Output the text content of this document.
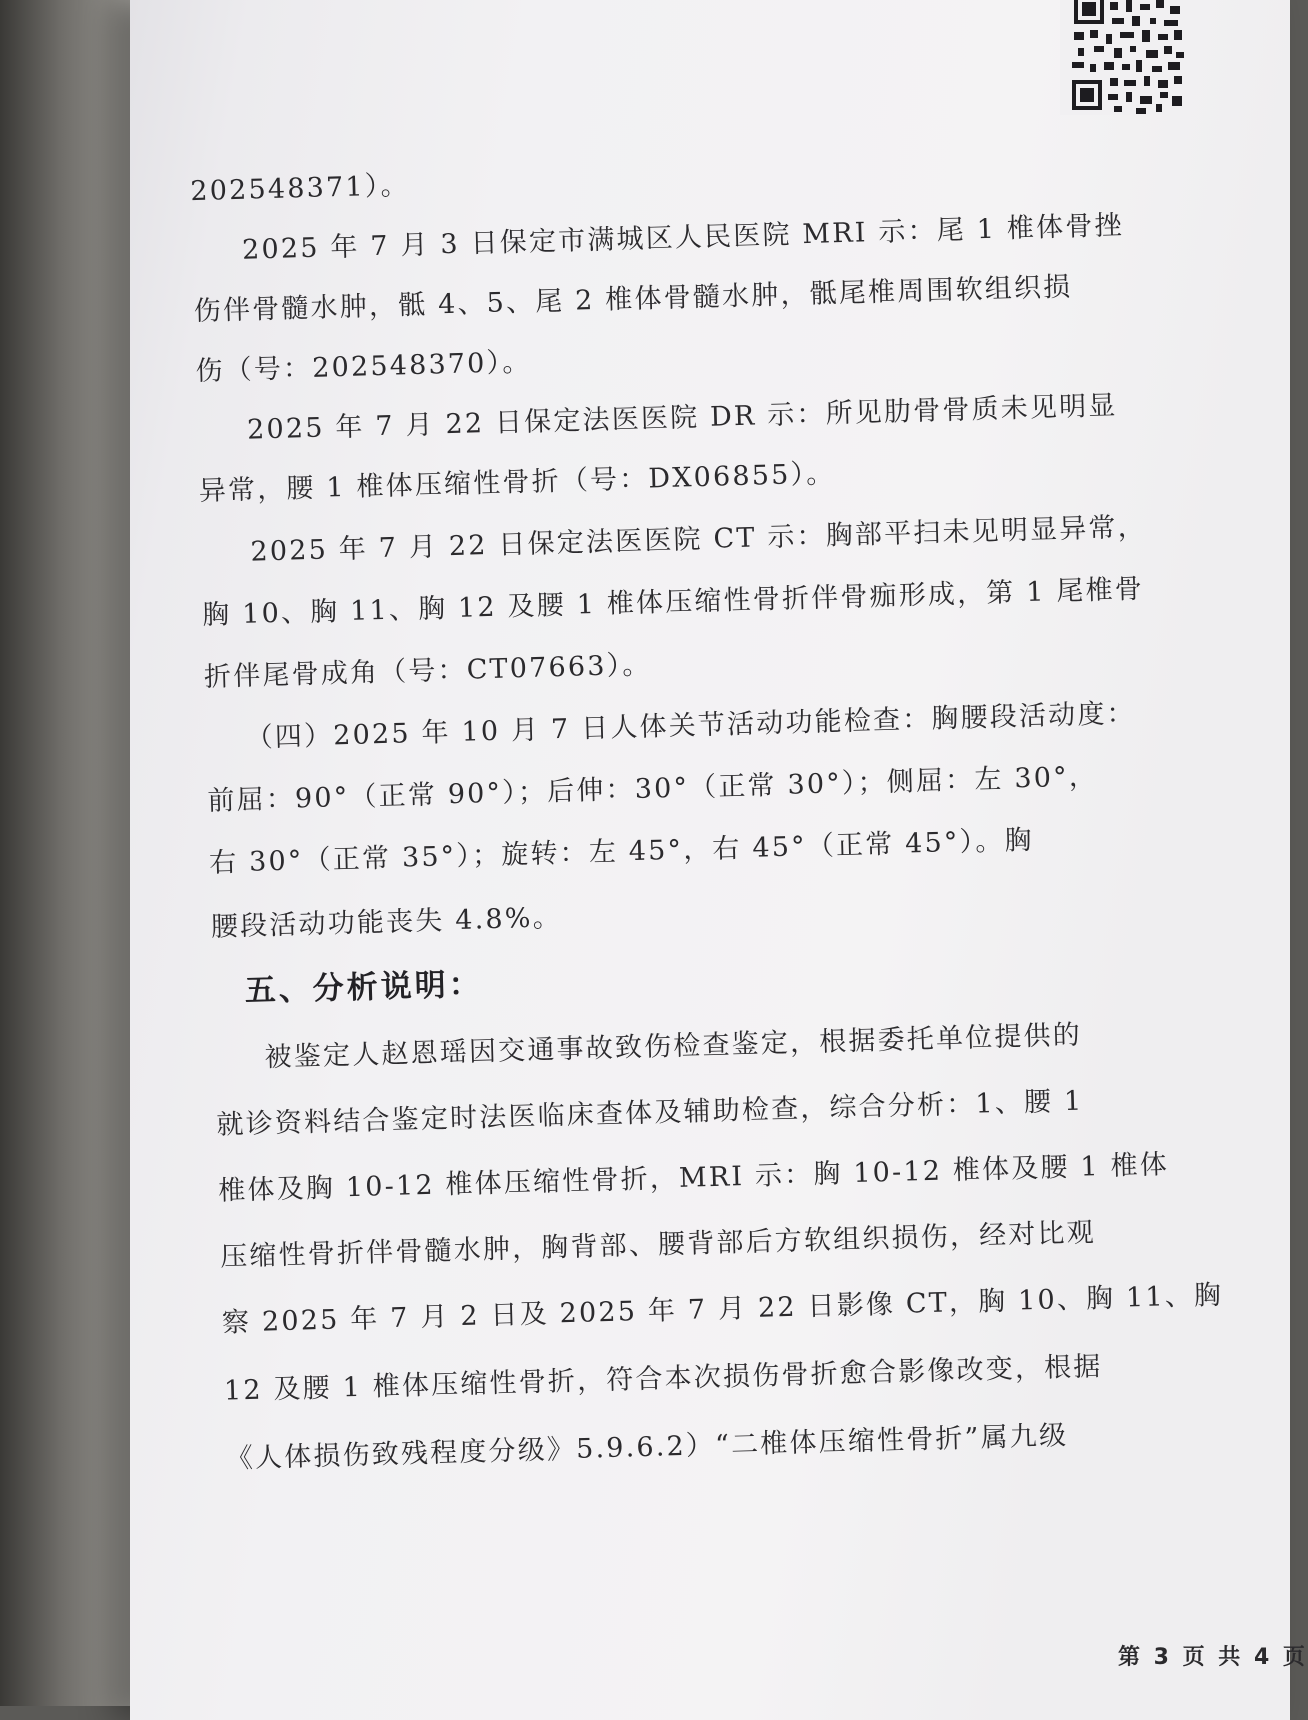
第 3 页 共 4 页
202548371）。
2025 年 7 月 3 日保定市满城区人民医院 MRI 示：尾 1 椎体骨挫
伤伴骨髓水肿，骶 4、5、尾 2 椎体骨髓水肿，骶尾椎周围软组织损
伤（号：202548370）。
2025 年 7 月 22 日保定法医医院 DR 示：所见肋骨骨质未见明显
异常，腰 1 椎体压缩性骨折（号：DX06855）。
2025 年 7 月 22 日保定法医医院 CT 示：胸部平扫未见明显异常，
胸 10、胸 11、胸 12 及腰 1 椎体压缩性骨折伴骨痂形成，第 1 尾椎骨
折伴尾骨成角（号：CT07663）。
（四）2025 年 10 月 7 日人体关节活动功能检查：胸腰段活动度：
前屈：90°（正常 90°）；后伸：30°（正常 30°）；侧屈：左 30°，
右 30°（正常 35°）；旋转：左 45°，右 45°（正常 45°）。胸
腰段活动功能丧失 4.8%。
五、分析说明：
被鉴定人赵恩瑶因交通事故致伤检查鉴定，根据委托单位提供的
就诊资料结合鉴定时法医临床查体及辅助检查，综合分析：1、腰 1
椎体及胸 10-12 椎体压缩性骨折，MRI 示：胸 10-12 椎体及腰 1 椎体
压缩性骨折伴骨髓水肿，胸背部、腰背部后方软组织损伤，经对比观
察 2025 年 7 月 2 日及 2025 年 7 月 22 日影像 CT，胸 10、胸 11、胸
12 及腰 1 椎体压缩性骨折，符合本次损伤骨折愈合影像改变，根据
《人体损伤致残程度分级》5.9.6.2）“二椎体压缩性骨折”属九级
